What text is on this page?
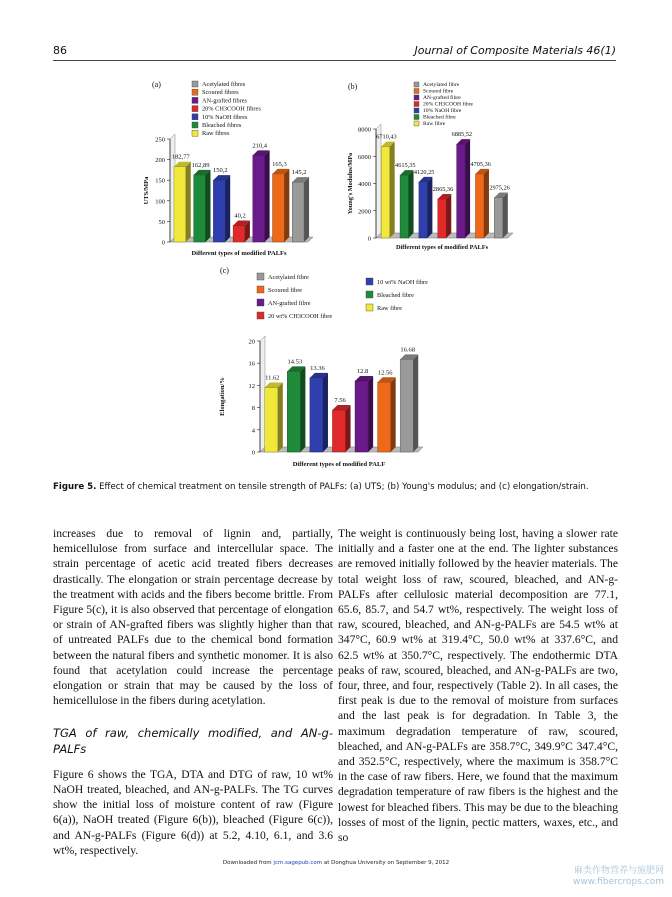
86	Journal of Composite Materials 46(1)
(a)
0
50
100
150
200
250
UTS/MPa
Different types of modified PALFs
182,77
162,89
150,2
40,2
210,4
165,3
145,2
Acetylated fibres
Scoured fibres
AN-grafted fibres
20% CH3COOH fibres
10% NaOH fibres
Bleached fibres
Raw fibres
(b)
0
2000
4000
6000
8000
Young's Modulus/MPa
Different types of modified PALFs
6710,43
4615,35
4120,25
2865,36
6885,52
4705,36
2975,26
Acetylated fibre
Scoured fibre
AN-grafted fibre
20% CH3COOH fibre
10% NaOH fibre
Bleached fibre
Raw fibre
(c)
0
4
8
12
16
20
Elongation/%
Different types of modified PALF
11.62
14.53
13.36
7.56
12.8 12.56
16.68
Acetylated fibre
Scoured fibre
AN-grafted fibre
20 wt% CH3COOH fibre
10 wt% NaOH fibre
Bleached fibre
Raw fibre
Figure 5. Effect of chemical treatment on tensile strength of PALFs: (a) UTS; (b) Young's modulus; and (c) elongation/strain.

increases due to removal of lignin and, partially, hemicellulose from surface and intercellular space. The strain percentage of acetic acid treated fibers decreases drastically. The elongation or strain percentage decrease by the treatment with acids and the fibers become brittle. From Figure 5(c), it is also observed that percentage of elongation or strain of AN-grafted fibers was slightly higher than that of untreated PALFs due to the chemical bond formation between the natural fibers and synthetic monomer. It is also found that acetylation could increase the percentage elongation or strain that may be caused by the loss of hemicellulose in the fibers during acetylation.

TGA of raw, chemically modified, and AN-g-PALFs

Figure 6 shows the TGA, DTA and DTG of raw, 10 wt% NaOH treated, bleached, and AN-g-PALFs. The TG curves show the initial loss of moisture content of raw (Figure 6(a)), NaOH treated (Figure 6(b)), bleached (Figure 6(c)), and AN-g-PALFs (Figure 6(d)) at 5.2, 4.10, 6.1, and 3.6 wt%, respectively.

The weight is continuously being lost, having a slower rate initially and a faster one at the end. The lighter substances are removed initially followed by the heavier materials. The total weight loss of raw, scoured, bleached, and AN-g-PALFs after cellulosic material decomposition are 77.1, 65.6, 85.7, and 54.7 wt%, respectively. The weight loss of raw, scoured, bleached, and AN-g-PALFs are 54.5 wt% at 347°C, 60.9 wt% at 319.4°C, 50.0 wt% at 337.6°C, and 62.5 wt% at 350.7°C, respectively. The endothermic DTA peaks of raw, scoured, bleached, and AN-g-PALFs are two, four, three, and four, respectively (Table 2). In all cases, the first peak is due to the removal of moisture from surfaces and the last peak is for degradation. In Table 3, the maximum degradation temperature of raw, scoured, bleached, and AN-g-PALFs are 358.7°C, 349.9°C 347.4°C, and 352.5°C, respectively, where the maximum is 358.7°C in the case of raw fibers. Here, we found that the maximum degradation temperature of raw fibers is the highest and the lowest for bleached fibers. This may be due to the bleaching losses of most of the lignin, pectic matters, waxes, etc., and so

Downloaded from jcm.sagepub.com at Donghua University on September 9, 2012
麻类作物营养与施肥网
www.fibercrops.com
